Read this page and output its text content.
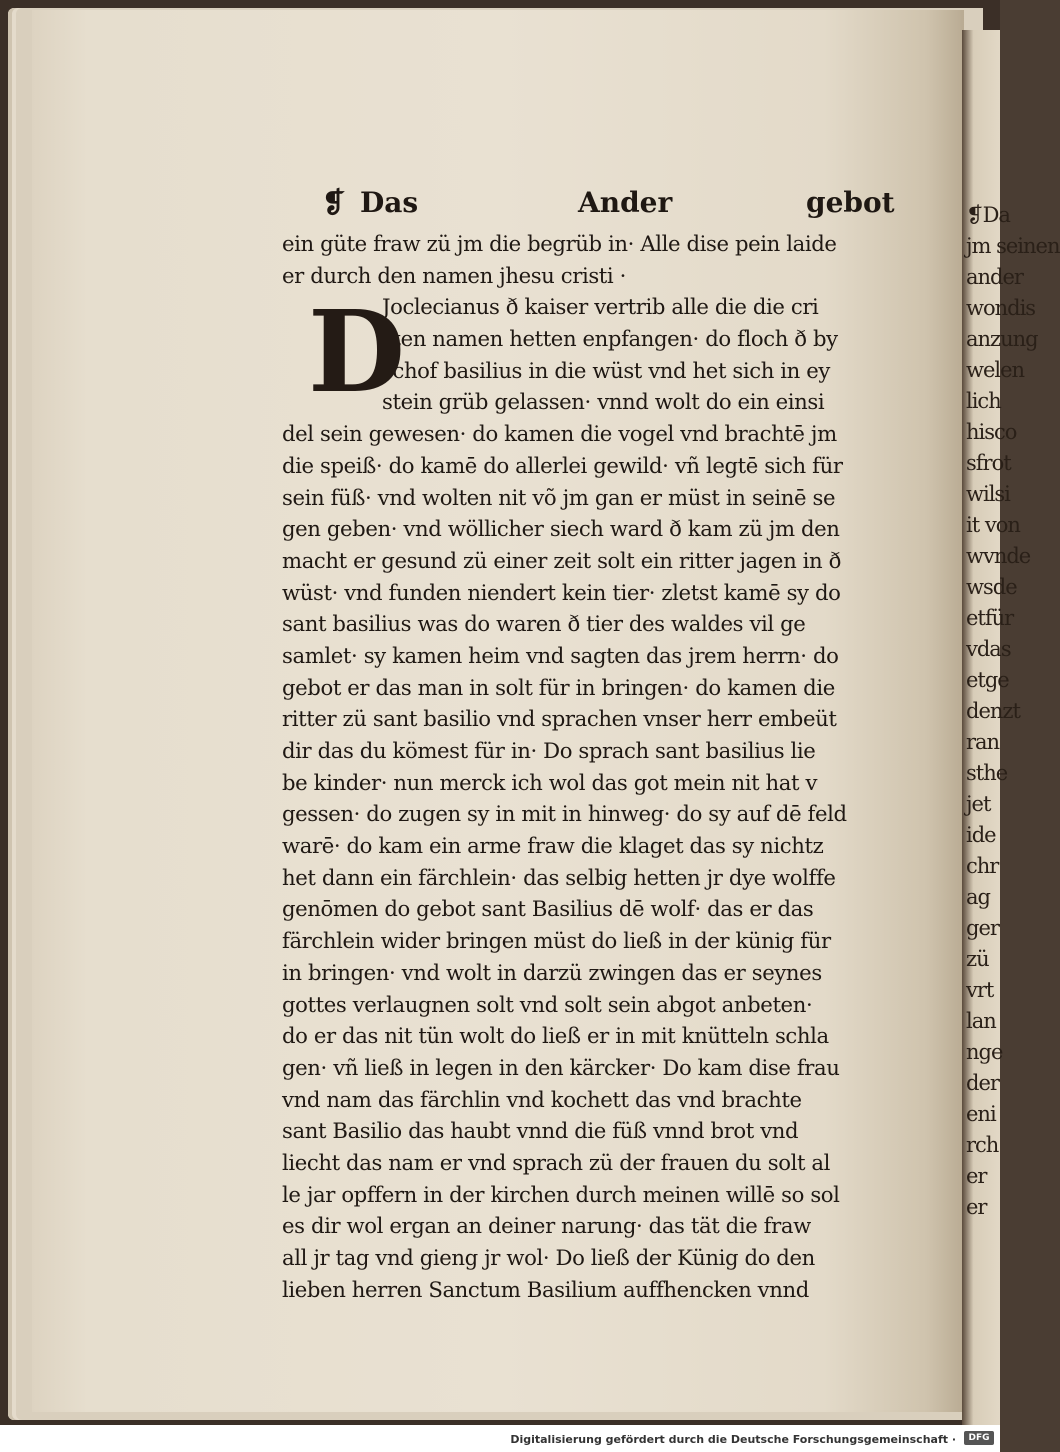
❡Da
jm seinen
ander
wondis
anzung
welen
lich
hisco
sfrot
wilsi
it von
wvnde
wsde
etfür
vdas
etge
denzt
ran
sthe
jet
ide
chr
ag
ger
zü
vrt
lan
nge
der
eni
rch
er
er
❡ Das	Ander	gebot
D
ein güte fraw zü jm die begrüb in· Alle dise pein laide
er durch den namen jhesu cristi ·
Joclecianus ð kaiser vertrib alle die die cri
sten namen hetten enpfangen· do floch ð by
schof basilius in die wüst vnd het sich in ey
stein grüb gelassen· vnnd wolt do ein einsi
del sein gewesen· do kamen die vogel vnd brachtē jm
die speiß· do kamē do allerlei gewild· vñ legtē sich für
sein füß· vnd wolten nit võ jm gan er müst in seinē se
gen geben· vnd wöllicher siech ward ð kam zü jm den
macht er gesund zü einer zeit solt ein ritter jagen in ð
wüst· vnd funden niendert kein tier· zletst kamē sy do
sant basilius was do waren ð tier des waldes vil ge
samlet· sy kamen heim vnd sagten das jrem herrn· do
gebot er das man in solt für in bringen· do kamen die
ritter zü sant basilio vnd sprachen vnser herr embeüt
dir das du kömest für in· Do sprach sant basilius lie
be kinder· nun merck ich wol das got mein nit hat v
gessen· do zugen sy in mit in hinweg· do sy auf dē feld
warē· do kam ein arme fraw die klaget das sy nichtz
het dann ein färchlein· das selbig hetten jr dye wolffe
genōmen do gebot sant Basilius dē wolf· das er das
färchlein wider bringen müst do ließ in der künig für
in bringen· vnd wolt in darzü zwingen das er seynes
gottes verlaugnen solt vnd solt sein abgot anbeten·
do er das nit tün wolt do ließ er in mit knütteln schla
gen· vñ ließ in legen in den kärcker· Do kam dise frau
vnd nam das färchlin vnd kochett das vnd brachte
sant Basilio das haubt vnnd die füß vnnd brot vnd
liecht das nam er vnd sprach zü der frauen du solt al
le jar opffern in der kirchen durch meinen willē so sol
es dir wol ergan an deiner narung· das tät die fraw
all jr tag vnd gieng jr wol· Do ließ der Künig do den
lieben herren Sanctum Basilium auffhencken vnnd
Digitalisierung gefördert durch die Deutsche Forschungsgemeinschaft ·	DFG
